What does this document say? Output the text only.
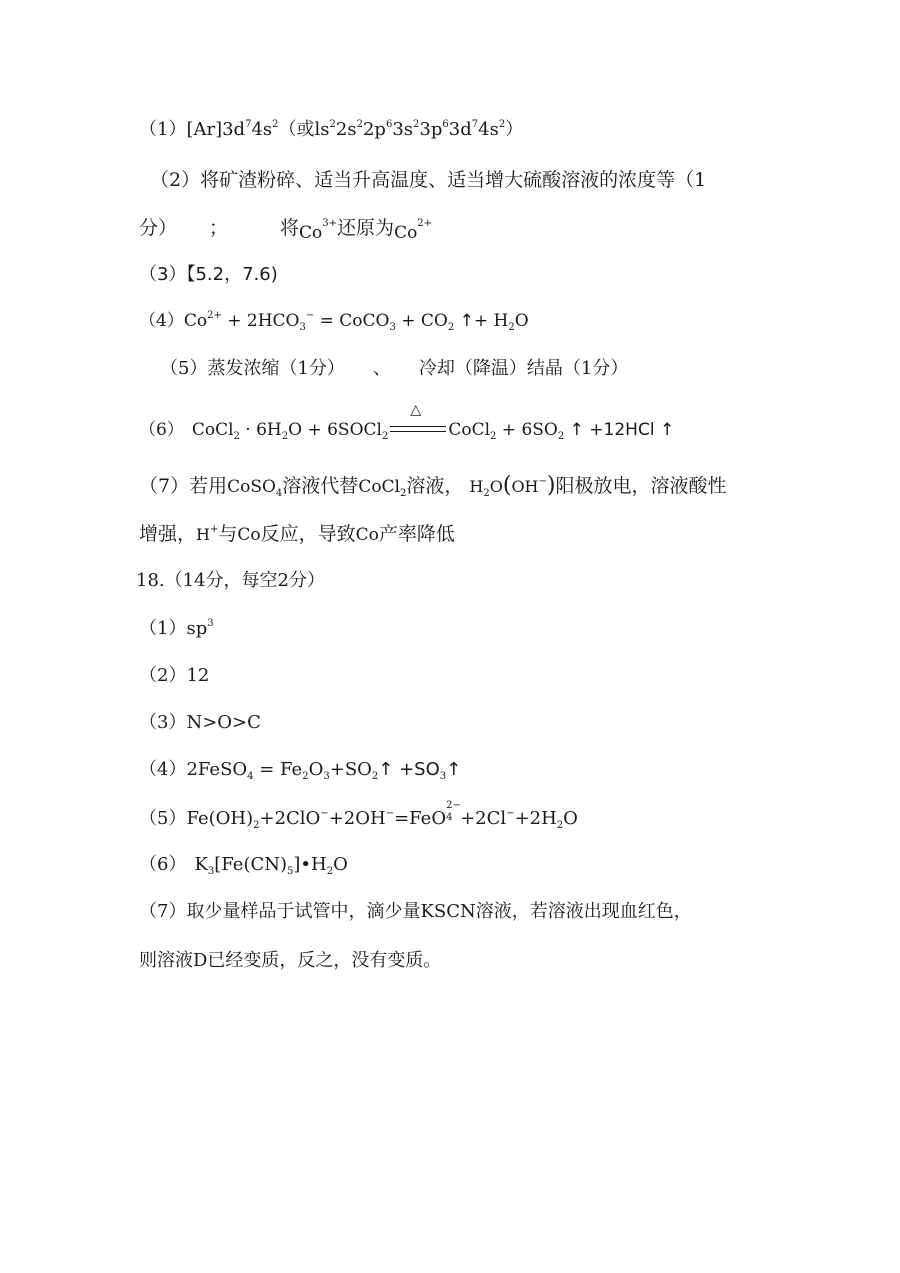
$(1)[Ar]3d^74s^2$（或$ls^22s^22p^63s^23p^63d^74s^2$）
（2）将矿渣粉碎、适当升高温度、适当增大硫酸溶液的浓度等（1
分） ；	将$Co^{3+}$还原为$Co^{2+}$
（3）【5.2，7.6)
$(4)Co^{2+} + 2HCO_3^-$ = CoCO$_3$ + $CO_2$ ↑+ $H_2O$
（5）蒸发浓缩（1分） 、 冷却（降温）结晶（1分）
（6） CoCl$_2$ · $6H_2O$ + 6SOCl$_2$
△
CoCl$_2$ + $6SO_2$ ↑ +12HCl ↑
（7）若用CoSO$_4$溶液代替CoCl$_2$溶液， $H_2O(OH^-)$阳极放电，溶液酸性
增强，H+与Co反应，导致Co产率降低
18.（14分，每空2分）
$(1)sp^3$
（2）12
（3）N>O>C
（4）2FeSO$_4$ = $Fe_2O_3+SO_2↑$ $+SO_3↑$
$(5)Fe(OH)_2+2ClO^-+2OH^-=FeO$
2−
$4 +2Cl^-+2H_2O$
（6） $K_3[Fe(CN)_5]•H_2O$
（7）取少量样品于试管中，滴少量KSCN溶液，若溶液出现血红色，
则溶液D已经变质，反之，没有变质。
